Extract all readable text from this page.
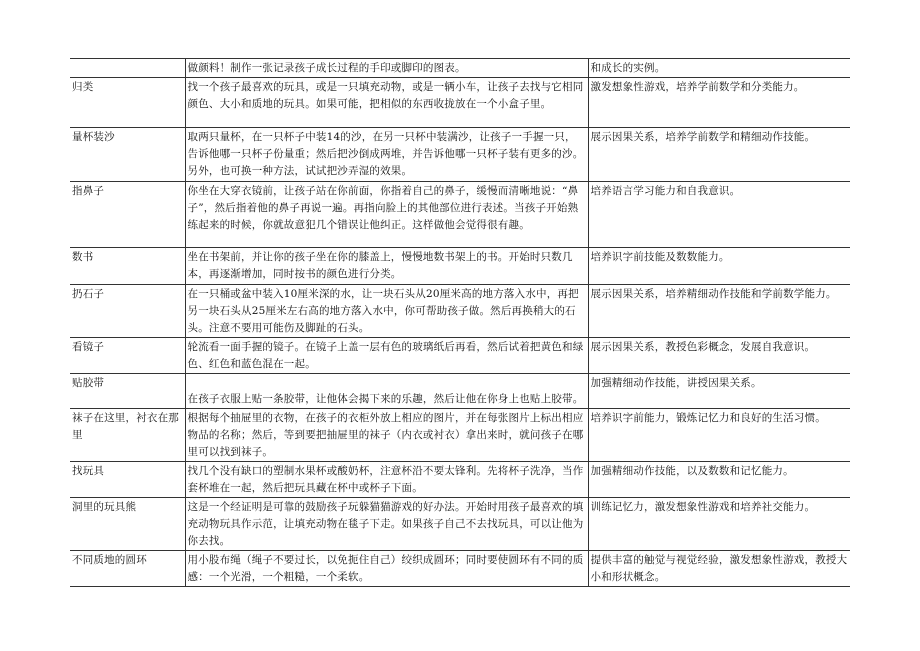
	做颜料！制作一张记录孩子成长过程的手印或脚印的图表。	和成长的实例。

归类	找一个孩子最喜欢的玩具，或是一只填充动物，或是一辆小车，让孩子去找与它相同颜色、大小和质地的玩具。如果可能，把相似的东西收拢放在一个小盒子里。	激发想象性游戏，培养学前数学和分类能力。

量杯装沙	取两只量杯，在一只杯子中装14的沙，在另一只杯中装满沙，让孩子一手握一只，告诉他哪一只杯子份量重；然后把沙倒成两堆，并告诉他哪一只杯子装有更多的沙。另外，也可换一种方法，试试把沙弄湿的效果。	展示因果关系，培养学前数学和精细动作技能。

指鼻子	你坐在大穿衣镜前，让孩子站在你前面，你指着自己的鼻子，缓慢而清晰地说：“鼻子”，然后指着他的鼻子再说一遍。再指向脸上的其他部位进行表述。当孩子开始熟练起来的时候，你就故意犯几个错误让他纠正。这样做他会觉得很有趣。	培养语言学习能力和自我意识。

数书	坐在书架前，并让你的孩子坐在你的膝盖上，慢慢地数书架上的书。开始时只数几本，再逐渐增加，同时按书的颜色进行分类。	培养识字前技能及数数能力。

扔石子	在一只桶或盆中装入10厘米深的水，让一块石头从20厘米高的地方落入水中，再把另一块石头从25厘米左右高的地方落入水中，你可帮助孩子做。然后再换稍大的石头。注意不要用可能伤及脚趾的石头。	展示因果关系，培养精细动作技能和学前数学能力。

看镜子	轮流看一面手握的镜子。在镜子上盖一层有色的玻璃纸后再看，然后试着把黄色和绿色、红色和蓝色混在一起。	展示因果关系，教授色彩概念，发展自我意识。

贴胶带	在孩子衣服上贴一条胶带，让他体会揭下来的乐趣，然后让他在你身上也贴上胶带。	加强精细动作技能，讲授因果关系。

袜子在这里，衬衣在那里	根据每个抽屉里的衣物，在孩子的衣柜外放上相应的图片，并在每张图片上标出相应物品的名称；然后，等到要把抽屉里的袜子（内衣或衬衣）拿出来时，就问孩子在哪里可以找到袜子。	培养识字前能力，锻炼记忆力和良好的生活习惯。

找玩具	找几个没有缺口的塑制水果杯或酸奶杯，注意杯沿不要太锋利。先将杯子洗净，当作套杯堆在一起，然后把玩具藏在杯中或杯子下面。	加强精细动作技能，以及数数和记忆能力。

洞里的玩具熊	这是一个经证明是可靠的鼓励孩子玩躲猫猫游戏的好办法。开始时用孩子最喜欢的填充动物玩具作示范，让填充动物在毯子下走。如果孩子自己不去找玩具，可以让他为你去找。	训练记忆力，激发想象性游戏和培养社交能力。

不同质地的圆环	用小股布绳（绳子不要过长，以免扼住自己）绞织成圆环；同时要使圆环有不同的质感：一个光滑，一个粗糙，一个柔软。	提供丰富的触觉与视觉经验，激发想象性游戏，教授大小和形状概念。
